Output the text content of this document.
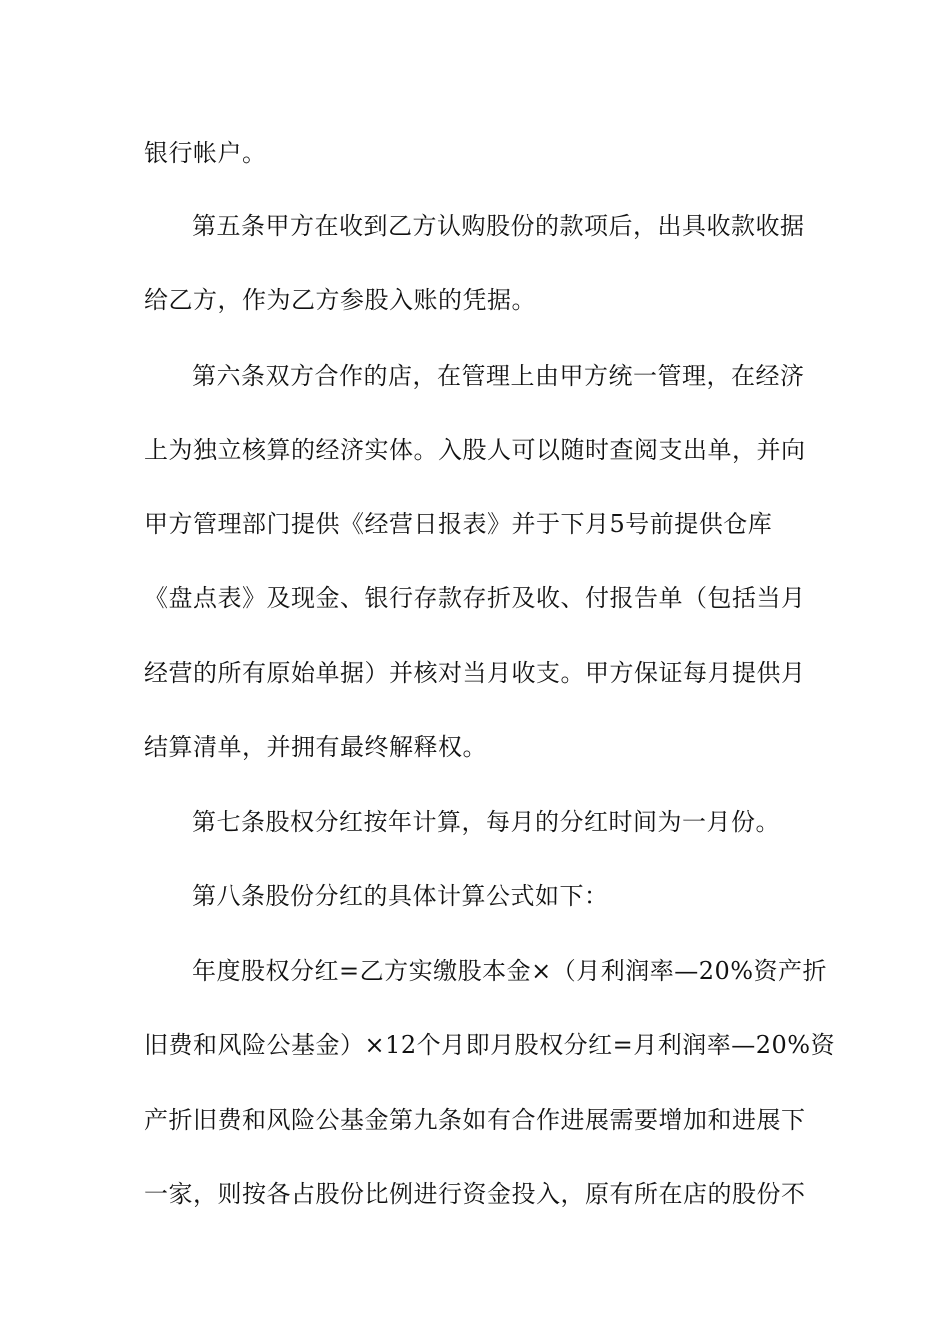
银行帐户。
第五条甲方在收到乙方认购股份的款项后，出具收款收据
给乙方，作为乙方参股入账的凭据。
第六条双方合作的店，在管理上由甲方统一管理，在经济
上为独立核算的经济实体。入股人可以随时查阅支出单，并向
甲方管理部门提供《经营日报表》并于下月5号前提供仓库
《盘点表》及现金、银行存款存折及收、付报告单（包括当月
经营的所有原始单据）并核对当月收支。甲方保证每月提供月
结算清单，并拥有最终解释权。
第七条股权分红按年计算，每月的分红时间为一月份。
第八条股份分红的具体计算公式如下：
年度股权分红=乙方实缴股本金×（月利润率—20%资产折
旧费和风险公基金）×12个月即月股权分红=月利润率—20%资
产折旧费和风险公基金第九条如有合作进展需要增加和进展下
一家，则按各占股份比例进行资金投入，原有所在店的股份不
